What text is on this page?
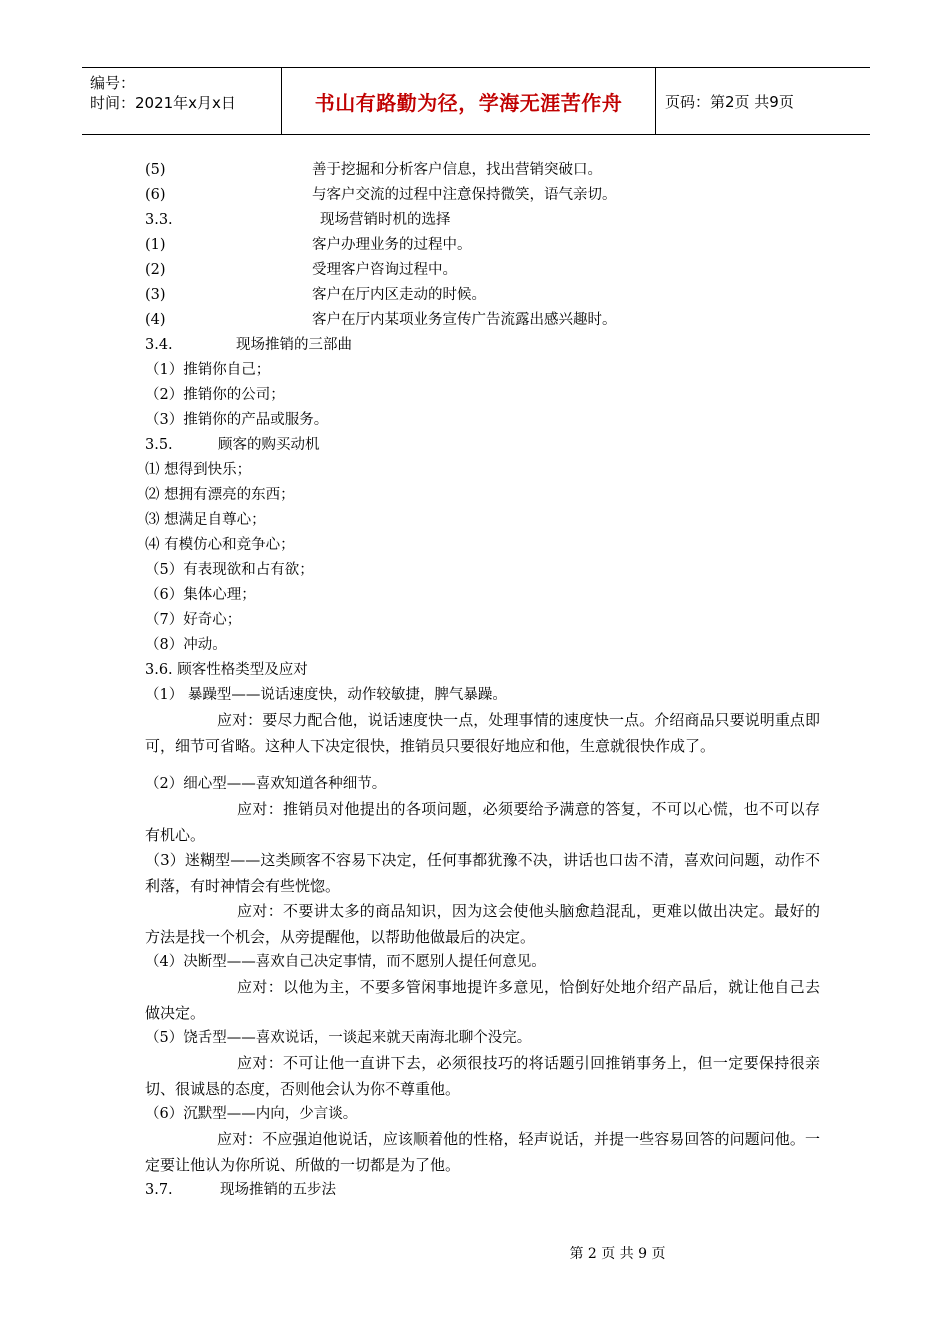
编号：
时间：2021年x月x日	书山有路勤为径，学海无涯苦作舟	页码：第2页 共9页
(5)	善于挖掘和分析客户信息，找出营销突破口。
(6)	与客户交流的过程中注意保持微笑，语气亲切。
3.3.	现场营销时机的选择
(1)	客户办理业务的过程中。
(2)	受理客户咨询过程中。
(3)	客户在厅内区走动的时候。
(4)	客户在厅内某项业务宣传广告流露出感兴趣时。
3.4.	现场推销的三部曲
（1）推销你自己；
（2）推销你的公司；
（3）推销你的产品或服务。
3.5.	顾客的购买动机
⑴ 想得到快乐；
⑵ 想拥有漂亮的东西；
⑶ 想满足自尊心；
⑷ 有模仿心和竞争心；
（5）有表现欲和占有欲；
（6）集体心理；
（7）好奇心；
（8）冲动。
3.6. 顾客性格类型及应对
（1） 暴躁型——说话速度快，动作较敏捷，脾气暴躁。
应对：要尽力配合他，说话速度快一点，处理事情的速度快一点。介绍商品只要说明重点即可，细节可省略。这种人下决定很快，推销员只要很好地应和他，生意就很快作成了。
（2）细心型——喜欢知道各种细节。
应对：推销员对他提出的各项问题，必须要给予满意的答复，不可以心慌，也不可以存有机心。
（3）迷糊型——这类顾客不容易下决定，任何事都犹豫不决，讲话也口齿不清，喜欢问问题，动作不利落，有时神情会有些恍惚。
应对：不要讲太多的商品知识，因为这会使他头脑愈趋混乱，更难以做出决定。最好的方法是找一个机会，从旁提醒他，以帮助他做最后的决定。
（4）决断型——喜欢自己决定事情，而不愿别人提任何意见。
应对：以他为主，不要多管闲事地提许多意见，恰倒好处地介绍产品后，就让他自己去做决定。
（5）饶舌型——喜欢说话，一谈起来就天南海北聊个没完。
应对：不可让他一直讲下去，必须很技巧的将话题引回推销事务上，但一定要保持很亲切、很诚恳的态度，否则他会认为你不尊重他。
（6）沉默型——内向，少言谈。
应对：不应强迫他说话，应该顺着他的性格，轻声说话，并提一些容易回答的问题问他。一定要让他认为你所说、所做的一切都是为了他。
3.7.	现场推销的五步法
第 2 页 共 9 页
